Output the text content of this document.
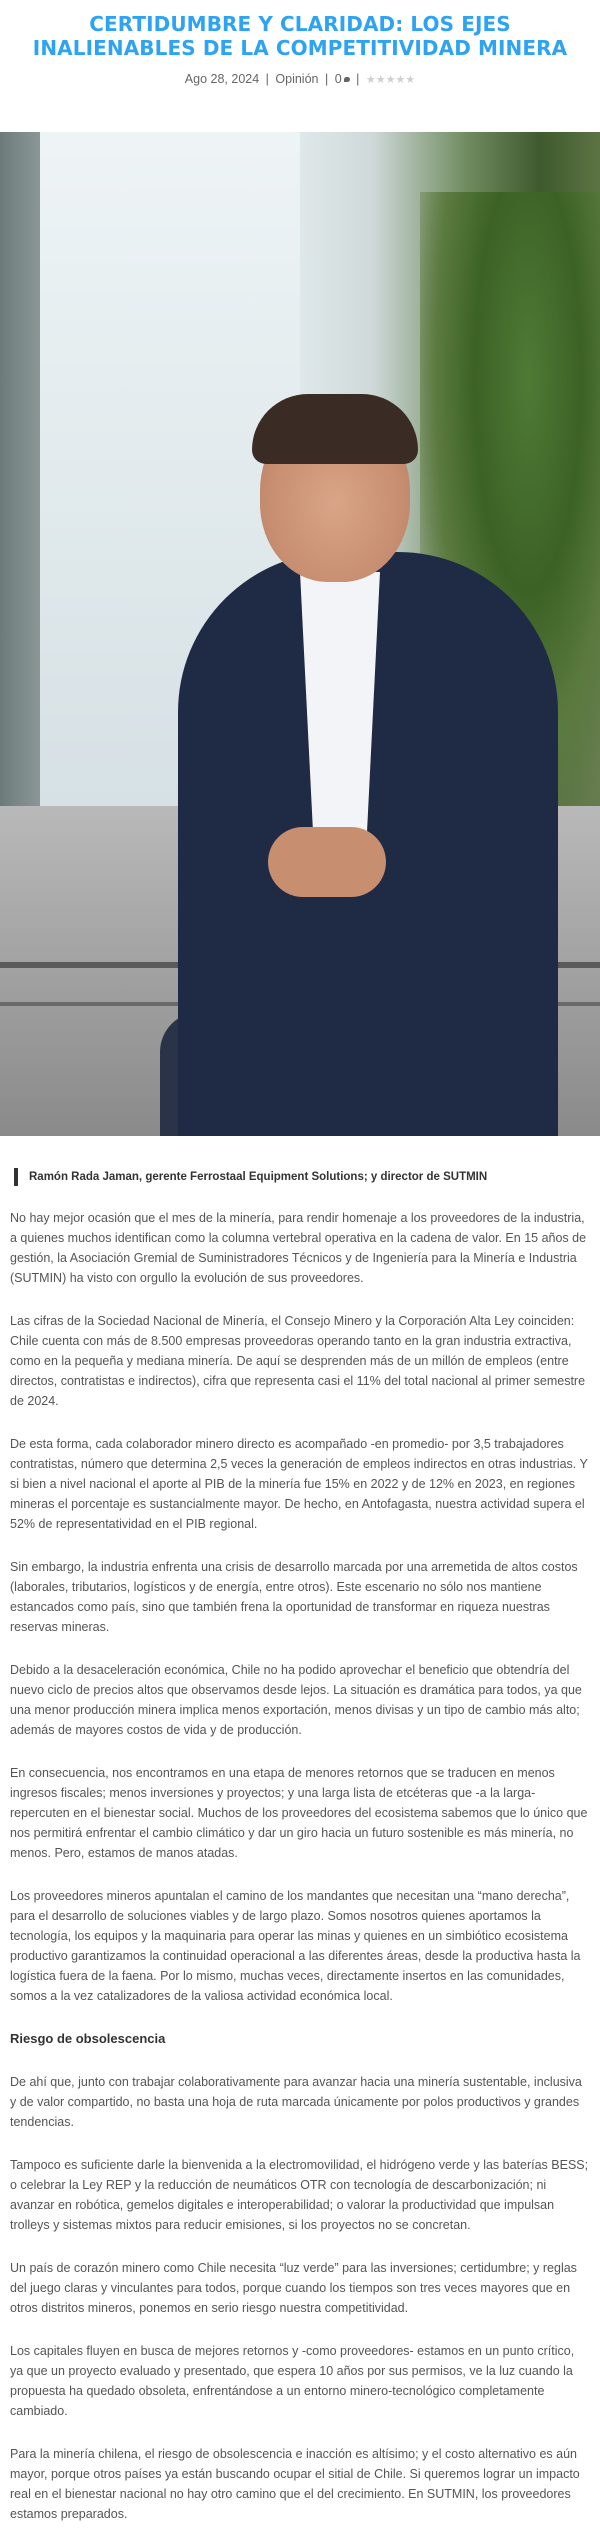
CERTIDUMBRE Y CLARIDAD: LOS EJES INALIENABLES DE LA COMPETITIVIDAD MINERA
Ago 28, 2024 | Opinión | 0 | ★★★★★
Ramón Rada Jaman, gerente Ferrostaal Equipment Solutions; y director de SUTMIN

No hay mejor ocasión que el mes de la minería, para rendir homenaje a los proveedores de la industria, a quienes muchos identifican como la columna vertebral operativa en la cadena de valor. En 15 años de gestión, la Asociación Gremial de Suministradores Técnicos y de Ingeniería para la Minería e Industria (SUTMIN) ha visto con orgullo la evolución de sus proveedores.

Las cifras de la Sociedad Nacional de Minería, el Consejo Minero y la Corporación Alta Ley coinciden: Chile cuenta con más de 8.500 empresas proveedoras operando tanto en la gran industria extractiva, como en la pequeña y mediana minería. De aquí se desprenden más de un millón de empleos (entre directos, contratistas e indirectos), cifra que representa casi el 11% del total nacional al primer semestre de 2024.

De esta forma, cada colaborador minero directo es acompañado -en promedio- por 3,5 trabajadores contratistas, número que determina 2,5 veces la generación de empleos indirectos en otras industrias. Y si bien a nivel nacional el aporte al PIB de la minería fue 15% en 2022 y de 12% en 2023, en regiones mineras el porcentaje es sustancialmente mayor. De hecho, en Antofagasta, nuestra actividad supera el 52% de representatividad en el PIB regional.

Sin embargo, la industria enfrenta una crisis de desarrollo marcada por una arremetida de altos costos (laborales, tributarios, logísticos y de energía, entre otros). Este escenario no sólo nos mantiene estancados como país, sino que también frena la oportunidad de transformar en riqueza nuestras reservas mineras.

Debido a la desaceleración económica, Chile no ha podido aprovechar el beneficio que obtendría del nuevo ciclo de precios altos que observamos desde lejos. La situación es dramática para todos, ya que una menor producción minera implica menos exportación, menos divisas y un tipo de cambio más alto; además de mayores costos de vida y de producción.

En consecuencia, nos encontramos en una etapa de menores retornos que se traducen en menos ingresos fiscales; menos inversiones y proyectos; y una larga lista de etcéteras que -a la larga- repercuten en el bienestar social. Muchos de los proveedores del ecosistema sabemos que lo único que nos permitirá enfrentar el cambio climático y dar un giro hacia un futuro sostenible es más minería, no menos. Pero, estamos de manos atadas.

Los proveedores mineros apuntalan el camino de los mandantes que necesitan una “mano derecha”, para el desarrollo de soluciones viables y de largo plazo. Somos nosotros quienes aportamos la tecnología, los equipos y la maquinaria para operar las minas y quienes en un simbiótico ecosistema productivo garantizamos la continuidad operacional a las diferentes áreas, desde la productiva hasta la logística fuera de la faena. Por lo mismo, muchas veces, directamente insertos en las comunidades, somos a la vez catalizadores de la valiosa actividad económica local.

Riesgo de obsolescencia

De ahí que, junto con trabajar colaborativamente para avanzar hacia una minería sustentable, inclusiva y de valor compartido, no basta una hoja de ruta marcada únicamente por polos productivos y grandes tendencias.

Tampoco es suficiente darle la bienvenida a la electromovilidad, el hidrógeno verde y las baterías BESS; o celebrar la Ley REP y la reducción de neumáticos OTR con tecnología de descarbonización; ni avanzar en robótica, gemelos digitales e interoperabilidad; o valorar la productividad que impulsan trolleys y sistemas mixtos para reducir emisiones, si los proyectos no se concretan.

Un país de corazón minero como Chile necesita “luz verde” para las inversiones; certidumbre; y reglas del juego claras y vinculantes para todos, porque cuando los tiempos son tres veces mayores que en otros distritos mineros, ponemos en serio riesgo nuestra competitividad.

Los capitales fluyen en busca de mejores retornos y -como proveedores- estamos en un punto crítico, ya que un proyecto evaluado y presentado, que espera 10 años por sus permisos, ve la luz cuando la propuesta ha quedado obsoleta, enfrentándose a un entorno minero-tecnológico completamente cambiado.

Para la minería chilena, el riesgo de obsolescencia e inacción es altísimo; y el costo alternativo es aún mayor, porque otros países ya están buscando ocupar el sitial de Chile. Si queremos lograr un impacto real en el bienestar nacional no hay otro camino que el del crecimiento. En SUTMIN, los proveedores estamos preparados.
